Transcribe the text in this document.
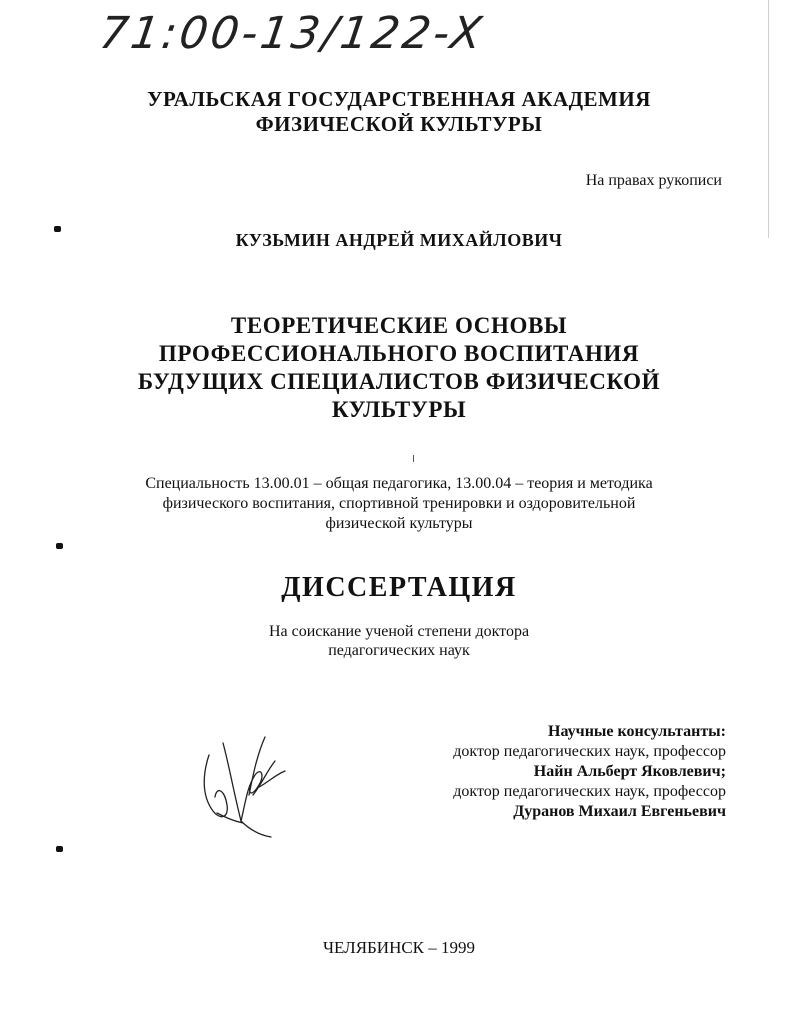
71:00-13/122-X
УРАЛЬСКАЯ ГОСУДАРСТВЕННАЯ АКАДЕМИЯ
ФИЗИЧЕСКОЙ КУЛЬТУРЫ
На правах рукописи
КУЗЬМИН АНДРЕЙ МИХАЙЛОВИЧ
ТЕОРЕТИЧЕСКИЕ ОСНОВЫ
ПРОФЕССИОНАЛЬНОГО ВОСПИТАНИЯ
БУДУЩИХ СПЕЦИАЛИСТОВ ФИЗИЧЕСКОЙ
КУЛЬТУРЫ
Специальность 13.00.01 – общая педагогика, 13.00.04 – теория и методика
физического воспитания, спортивной тренировки и оздоровительной
физической культуры
ДИССЕРТАЦИЯ
На соискание ученой степени доктора
педагогических наук
Научные консультанты:
доктор педагогических наук, профессор
Найн Альберт Яковлевич;
доктор педагогических наук, профессор
Дуранов Михаил Евгеньевич
ЧЕЛЯБИНСК – 1999
